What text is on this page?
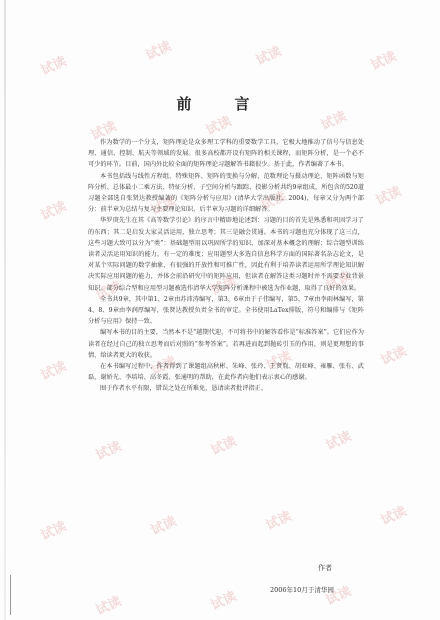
试读
试读	试读	试读
试读	试读	试读
试读	试读	试读	试读
试读	试读	试读
试读	试读	试读	试读
试读	试读	试读
试读	试读	试读	试读
试读	试读	试读
前　言

作为数学的一个分支，矩阵理论是众多理工学科的重要数学工具，它极大地推动了信号与信息处理、通信、控制、航天等领域的发展。很多高校都开设有矩阵的相关课程，而矩阵分析，是一个必不可少的环节。目前，国内外比较全面的矩阵理论习题解答书籍很少。基于此，作者编著了本书。

本书包括线与线性方程组、特殊矩阵、矩阵的变换与分解、范数理论与摄动理论、矩阵函数与矩阵分析、总体最小二乘方法、特征分析、子空间分析与跟踪、投影分析共约9章组成，所包含的520道习题全部选自张贤达教授编著的《矩阵分析与应用》(清华大学出版社，2004)，每章又分为两个部分：前半章为总结与复习主要理论知识，后半章为习题的详细解答。

华罗庚先生在其《高等数学引论》的序言中精辟地论述到：习题的目的首先是熟悉和巩固学习了的东西；其二是启发大家灵活运用，独立思考；其三是融会贯通。本书的习题也充分体现了这三点，这些习题大致可以分为“类”：基础题型用以巩固所学的知识，加深对基本概念的理解；综合题型训练读者灵活运用知识的能力，有一定的难度；应用题型大多选自信息科学方面的国际著名杂志论文，是对某个实际问题的数学抽象，有很强的开放性和可推广性，因此有利于培养读者运用所学理论知识解决实际应用问题的能力，并体会前沿研究中的矩阵应用，但读者在解答这类习题时并不需要专业背景知识。部分综合型和应用型习题被选作清华大学矩阵分析课程中被选为作业题，取得了良好的效果。

全书共9章，其中第1、2章由苏沛涛编写，第3、6章由于子伟编写，第5、7章由李雨林编写，第4、8、9章由李润厚编写，张贤达教授负责全书的审定。全书使用LaTex排版，符号和编排与《矩阵分析与应用》保持一致。

编写本书的目的主要，当然本不是“越期代迎，不可将书中的解答看作是“标准答案”。它们应作为读者在经过自己的独立思考而后对照的“参考答案”。若再进而起到抛砖引玉的作用，则是更理想的事情，给读者更大的收获。

在本书编写过程中，作者得到了课题组高秋彬、朱峰、张玲、王贤胤、胡亚峰、雍雁、张有、武磊、谢娇光、李培培、高冬霞、张通明的帮助，在此作者向他们表示衷心的感谢。

囿于作者水平有限，错误之处在所难免，恳请读者批评指正。

作者
2006年10月于清华园
